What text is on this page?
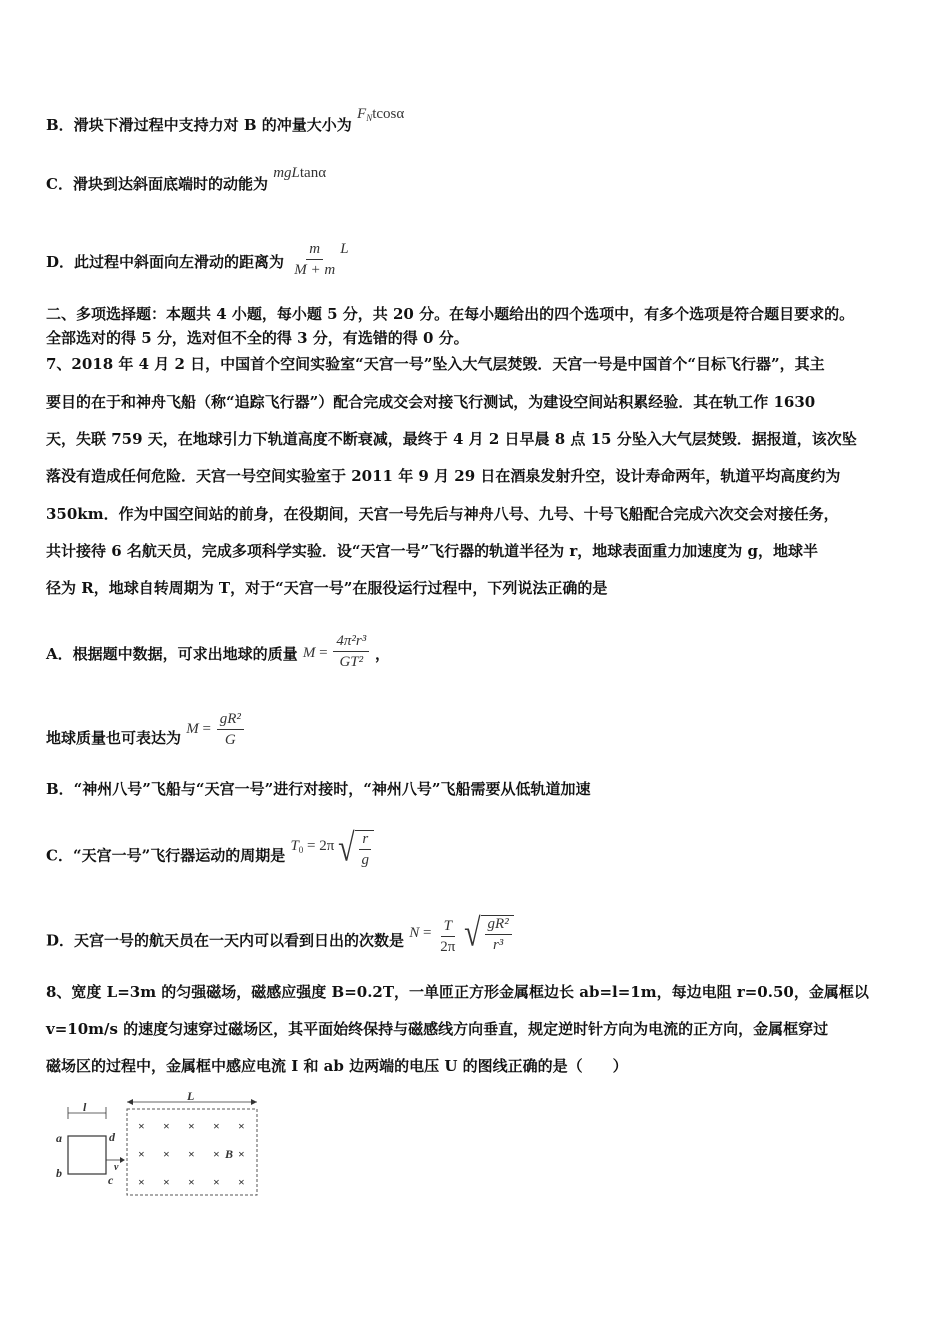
B．滑块下滑过程中支持力对 B 的冲量大小为 $F_Ntcos\alpha$
C．滑块到达斜面底端时的动能为 mgLtanα
D．此过程中斜面向左滑动的距离为 $\frac{m}{M + m}$ L
二、多项选择题：本题共 4 小题，每小题 5 分，共 20 分。在每小题给出的四个选项中，有多个选项是符合题目要求的。
全部选对的得 5 分，选对但不全的得 3 分，有选错的得 0 分。
7、2018 年 4 月 2 日，中国首个空间实验室“天宫一号”坠入大气层焚毁．天宫一号是中国首个“目标飞行器”，其主
要目的在于和神舟飞船（称“追踪飞行器”）配合完成交会对接飞行测试，为建设空间站积累经验．其在轨工作 1630
天，失联 759 天，在地球引力下轨道高度不断衰减，最终于 4 月 2 日早晨 8 点 15 分坠入大气层焚毁．据报道，该次坠
落没有造成任何危险．天宫一号空间实验室于 2011 年 9 月 29 日在酒泉发射升空，设计寿命两年，轨道平均高度约为
350km．作为中国空间站的前身，在役期间，天宫一号先后与神舟八号、九号、十号飞船配合完成六次交会对接任务，
共计接待 6 名航天员，完成多项科学实验．设“天宫一号”飞行器的轨道半径为 r，地球表面重力加速度为 g，地球半
径为 R，地球自转周期为 T，对于“天宫一号”在服役运行过程中，下列说法正确的是
A．根据题中数据，可求出地球的质量 $M = \frac{\text{4π²r³}}{\text{GT²}}$ ，
地球质量也可表达为 $M = \frac{\text{gR²}}{G}$
B．“神州八号”飞船与“天宫一号”进行对接时，“神州八号”飞船需要从低轨道加速
C．“天宫一号”飞行器运动的周期是 $T_0 = 2\pi$ √ $\frac{r}{g}$
D．天宫一号的航天员在一天内可以看到日出的次数是 $N = \frac{T}{2\pi}$
√ $\frac{\text{gR²}}{\text{r³}}$
8、宽度 L=3m 的匀强磁场，磁感应强度 B=0.2T，一单匝正方形金属框边长 ab=l=1m，每边电阻 r=0.50，金属框以
v=10m/s 的速度匀速穿过磁场区，其平面始终保持与磁感线方向垂直，规定逆时针方向为电流的正方向，金属框穿过
磁场区的过程中，金属框中感应电流 I 和 ab 边两端的电压 U 的图线正确的是（　　）
l
a
b	c
d
v
L
× × × × ×
× × × × ×
× × × × ×
B
